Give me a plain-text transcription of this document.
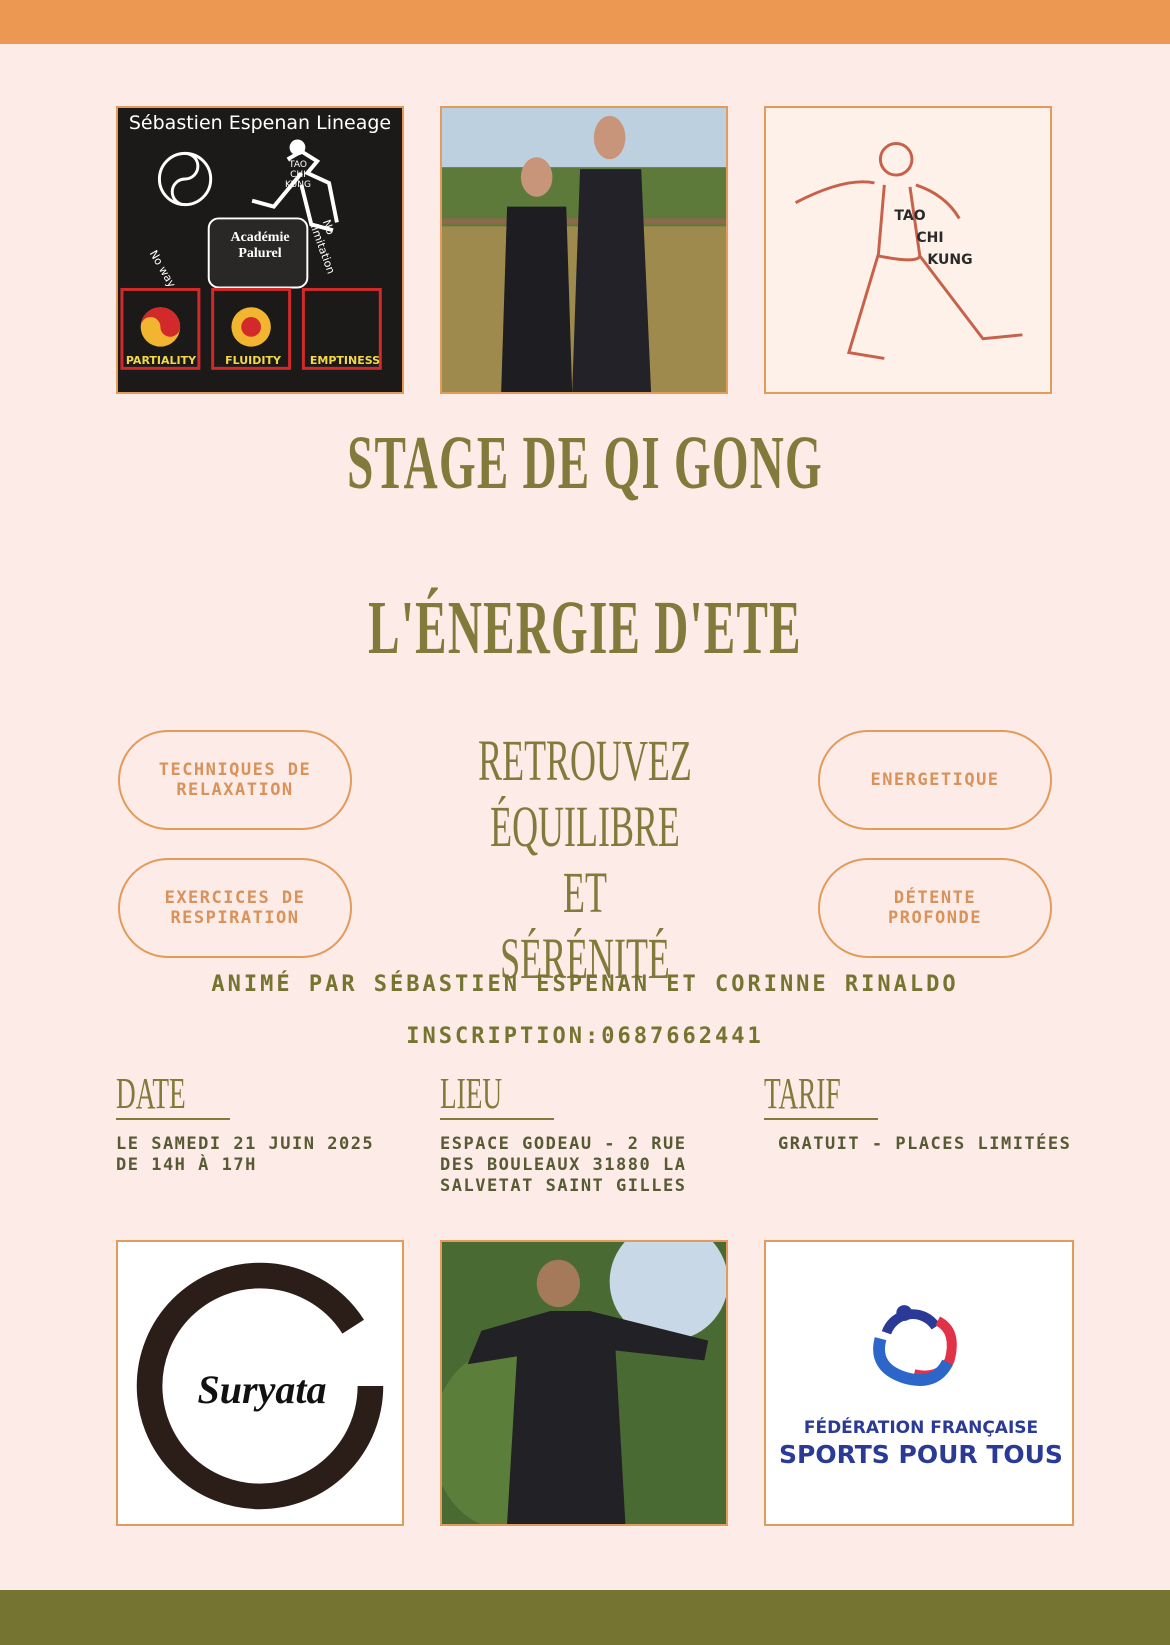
Sébastien Espenan Lineage
TAO
CHI
KUNG
Académie
Palurel
No way
No limitation
PARTIALITY	FLUIDITY	EMPTINESS
TAO
CHI
KUNG
STAGE DE QI GONG
L'ÉNERGIE D'ETE
TECHNIQUES DE
RELAXATION	ENERGETIQUE
EXERCICES DE
RESPIRATION
DÉTENTE
PROFONDE
RETROUVEZ
ÉQUILIBRE ET
SÉRÉNITÉ
ANIMÉ PAR SÉBASTIEN ESPENAN ET CORINNE RINALDO
INSCRIPTION:0687662441
DATE
LE SAMEDI 21 JUIN 2025
DE 14H À 17H
LIEU
ESPACE GODEAU - 2 RUE
DES BOULEAUX 31880 LA
SALVETAT SAINT GILLES
TARIF
GRATUIT - PLACES LIMITÉES
Suryata
FÉDÉRATION FRANÇAISE
SPORTS POUR TOUS
